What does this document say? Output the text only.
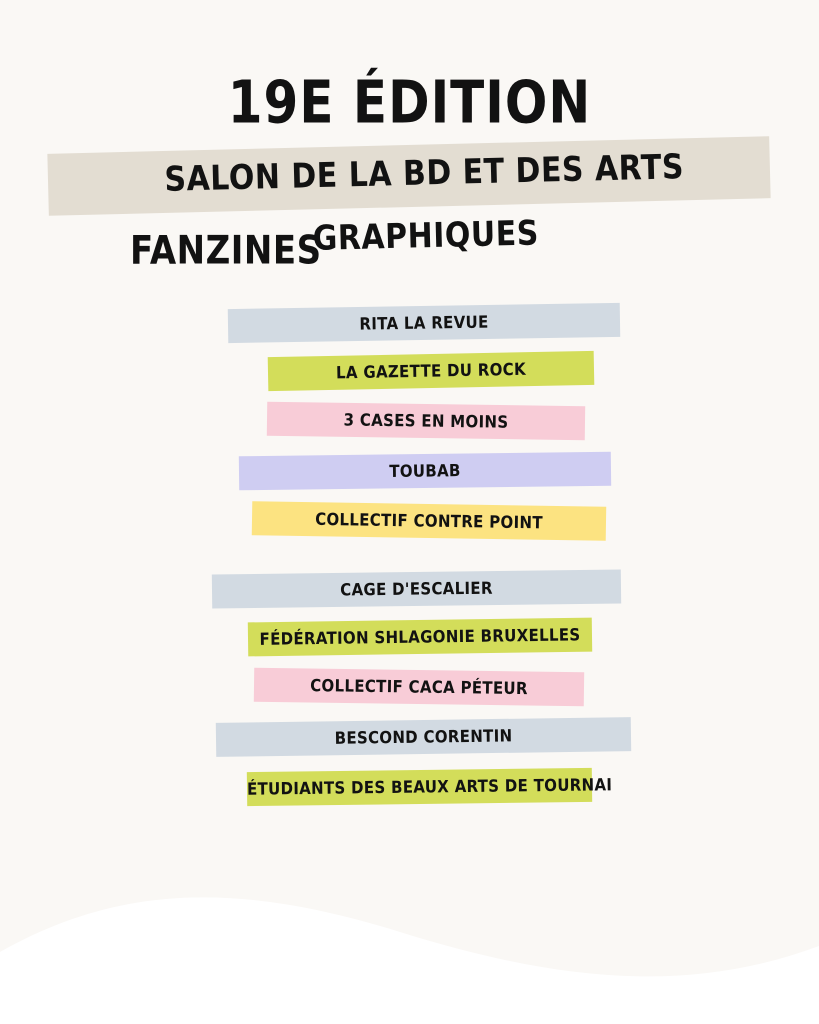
19E ÉDITION
SALON DE LA BD ET DES ARTS GRAPHIQUES
FANZINES
RITA LA REVUE
LA GAZETTE DU ROCK
3 CASES EN MOINS
TOUBAB
COLLECTIF CONTRE POINT
CAGE D'ESCALIER
FÉDÉRATION SHLAGONIE BRUXELLES
COLLECTIF CACA PÉTEUR
BESCOND CORENTIN
ÉTUDIANTS DES BEAUX ARTS DE TOURNAI
